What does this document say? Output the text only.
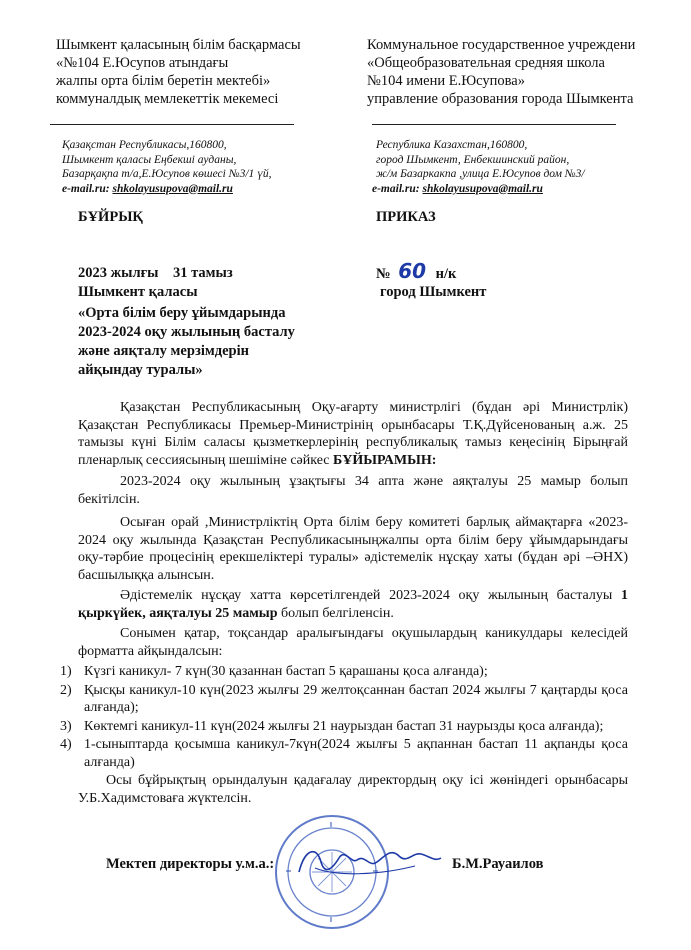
Шымкент қаласының білім басқармасы
«№104 Е.Юсупов атындағы
жалпы орта білім беретін мектебі»
коммуналдық мемлекеттік мекемесі
Коммунальное государственное учреждени
«Общеобразовательная средняя школа
№104 имени Е.Юсупова»
управление образования города Шымкента
Қазақстан Республикасы,160800,
Шымкент қаласы Еңбекші ауданы,
Базарқақпа т/а,Е.Юсупов көшесі №3/1 үй,
e-mail.ru: shkolayusupova@mail.ru
Республика Казахстан,160800,
город Шымкент, Енбекшинский район,
ж/м Базаркакпа ,улица Е.Юсупов дом №3/
e-mail.ru: shkolayusupova@mail.ru
БҰЙРЫҚ	ПРИКАЗ
2023 жылғы    31 тамыз
Шымкент қаласы
«Орта білім беру ұйымдарында
2023-2024 оқу жылының басталу
және аяқталу мерзімдерін
айқындау туралы»
№ 60 н/к
город Шымкент

Қазақстан Республикасының Оқу-ағарту министрлігі (бұдан әрі Министрлік) Қазақстан Республикасы Премьер-Министрінің орынбасары Т.Қ.Дүйсенованың а.ж. 25 тамызы күні Білім саласы қызметкерлерінің республикалық тамыз кеңесінің Бірыңғай пленарлық сессиясының шешіміне сәйкес БҰЙЫРАМЫН:

2023-2024 оқу жылының ұзақтығы 34 апта және аяқталуы 25 мамыр болып бекітілсін.

Осыған орай ,Министрліктің Орта білім беру комитеті барлық аймақтарға «2023-2024 оқу жылында Қазақстан Республикасыныңжалпы орта білім беру ұйымдарындағы оқу-тәрбие процесінің ерекшеліктері туралы» әдістемелік нұсқау хаты (бұдан әрі –ӘНХ) басшылыққа алынсын.

Әдістемелік нұсқау хатта көрсетілгендей 2023-2024 оқу жылының басталуы 1 қыркүйек, аяқталуы 25 мамыр болып белгіленсін.

Сонымен қатар, тоқсандар аралығындағы оқушылардың каникулдары келесідей форматта айқындалсын:

1) Күзгі каникул- 7 күн(30 қазаннан бастап 5 қарашаны қоса алғанда);
2) Қысқы каникул-10 күн(2023 жылғы 29 желтоқсаннан бастап 2024 жылғы 7 қаңтарды қоса алғанда);
3) Көктемгі каникул-11 күн(2024 жылғы 21 наурыздан бастап 31 наурызды қоса алғанда);
4) 1-сыныптарда қосымша каникул-7күн(2024 жылғы 5 ақпаннан бастап 11 ақпанды қоса алғанда)

Осы бұйрықтың орындалуын қадағалау директордың оқу ісі жөніндегі орынбасары У.Б.Хадимстоваға жүктелсін.

Мектеп директоры у.м.а.:	Б.М.Рауаилов
